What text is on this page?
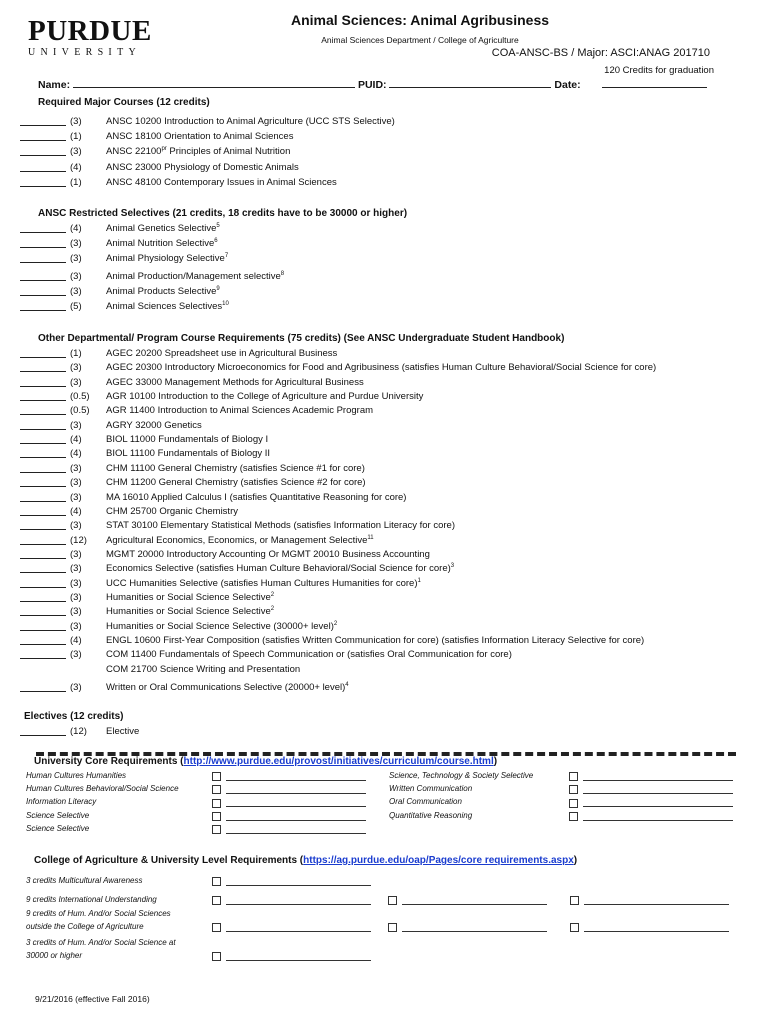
PURDUE
UNIVERSITY
Animal Sciences: Animal Agribusiness
Animal Sciences Department / College of Agriculture
COA-ANSC-BS / Major: ASCI:ANAG 201710
120 Credits for graduation
Name:	PUID:	Date:
Required Major Courses (12 credits)
(3)	ANSC 10200 Introduction to Animal Agriculture (UCC STS Selective)
(1)	ANSC 18100 Orientation to Animal Sciences
(3)	ANSC $22100^{pr}$ Principles of Animal Nutrition
(4)	ANSC 23000 Physiology of Domestic Animals
(1)	ANSC 48100 Contemporary Issues in Animal Sciences
ANSC Restricted Selectives (21 credits, 18 credits have to be 30000 or higher)
(4)	Animal Genetics Selective$^5$
(3)	Animal Nutrition Selective$^6$
(3)	Animal Physiology Selective$^7$
(3)	Animal Production/Management selective$^8$
(3)	Animal Products Selective$^9$
(5)	Animal Sciences Selectives$^{10}$
Other Departmental/ Program Course Requirements (75 credits) (See ANSC Undergraduate Student Handbook)
(1)	AGEC 20200 Spreadsheet use in Agricultural Business
(3)	AGEC 20300 Introductory Microeconomics for Food and Agribusiness (satisfies Human Culture Behavioral/Social Science for core)
(3)	AGEC 33000 Management Methods for Agricultural Business
(0.5) AGR 10100 Introduction to the College of Agriculture and Purdue University
(0.5) AGR 11400 Introduction to Animal Sciences Academic Program
(3)	AGRY 32000 Genetics
(4)	BIOL 11000 Fundamentals of Biology I
(4)	BIOL 11100 Fundamentals of Biology II
(3)	CHM 11100 General Chemistry (satisfies Science #1 for core)
(3)	CHM 11200 General Chemistry (satisfies Science #2 for core)
(3)	MA 16010 Applied Calculus I (satisfies Quantitative Reasoning for core)
(4)	CHM 25700 Organic Chemistry
(3)	STAT 30100 Elementary Statistical Methods (satisfies Information Literacy for core)
(12) Agricultural Economics, Economics, or Management Selective$^{11}$
(3)	MGMT 20000 Introductory Accounting Or MGMT 20010 Business Accounting
(3)	Economics Selective (satisfies Human Culture Behavioral/Social Science for core)$^3$
(3)	UCC Humanities Selective (satisfies Human Cultures Humanities for core)$^1$
(3)	Humanities or Social Science Selective$^2$
(3)	Humanities or Social Science Selective$^2$
(3)	Humanities or Social Science Selective (30000+ level)$^2$
(4)	ENGL 10600 First-Year Composition (satisfies Written Communication for core) (satisfies Information Literacy Selective for core)
(3)	COM 11400 Fundamentals of Speech Communication or (satisfies Oral Communication for core)
COM 21700 Science Writing and Presentation
(3)	Written or Oral Communications Selective (20000+ level)$^4$
Electives (12 credits)
(12) Elective
University Core Requirements (http://www.purdue.edu/provost/initiatives/curriculum/course.html)
Human Cultures Humanities
Human Cultures Behavioral/Social Science
Information Literacy
Science Selective
Science Selective
Science, Technology & Society Selective
Written Communication
Oral Communication
Quantitative Reasoning
College of Agriculture & University Level Requirements (https://ag.purdue.edu/oap/Pages/core requirements.aspx)
3 credits Multicultural Awareness
9 credits International Understanding
9 credits of Hum. And/or Social Sciences
outside the College of Agriculture
3 credits of Hum. And/or Social Science at
30000 or higher
9/21/2016 (effective Fall 2016)
